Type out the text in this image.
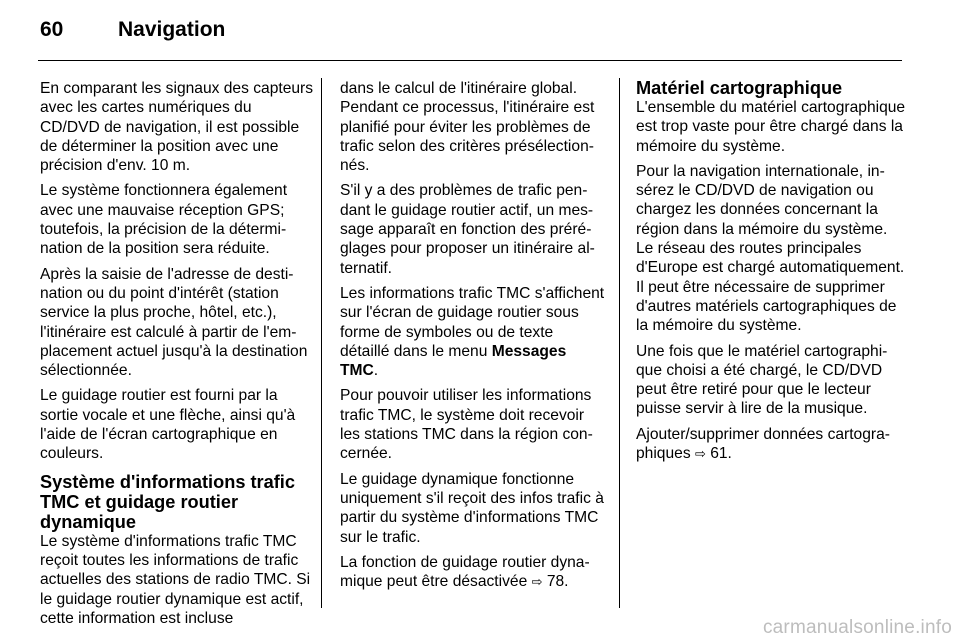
60	Navigation

En comparant les signaux des capteurs avec les cartes numériques du CD/DVD de navigation, il est possible de déterminer la position avec une précision d'env. 10 m.

Le système fonctionnera également avec une mauvaise réception GPS; toutefois, la précision de la détermination de la position sera réduite.

Après la saisie de l'adresse de destination ou du point d'intérêt (station service la plus proche, hôtel, etc.), l'itinéraire est calculé à partir de l'emplacement actuel jusqu'à la destination sélectionnée.

Le guidage routier est fourni par la sortie vocale et une flèche, ainsi qu'à l'aide de l'écran cartographique en couleurs.

Système d'informations trafic TMC et guidage routier dynamique

Le système d'informations trafic TMC reçoit toutes les informations de trafic actuelles des stations de radio TMC. Si le guidage routier dynamique est actif, cette information est incluse

dans le calcul de l'itinéraire global. Pendant ce processus, l'itinéraire est planifié pour éviter les problèmes de trafic selon des critères présélectionnés.

S'il y a des problèmes de trafic pendant le guidage routier actif, un message apparaît en fonction des préréglages pour proposer un itinéraire alternatif.

Les informations trafic TMC s'affichent sur l'écran de guidage routier sous forme de symboles ou de texte détaillé dans le menu Messages TMC.

Pour pouvoir utiliser les informations trafic TMC, le système doit recevoir les stations TMC dans la région concernée.

Le guidage dynamique fonctionne uniquement s'il reçoit des infos trafic à partir du système d'informations TMC sur le trafic.

La fonction de guidage routier dynamique peut être désactivée ⇨ 78.

Matériel cartographique

L'ensemble du matériel cartographique est trop vaste pour être chargé dans la mémoire du système.

Pour la navigation internationale, insérez le CD/DVD de navigation ou chargez les données concernant la région dans la mémoire du système. Le réseau des routes principales d'Europe est chargé automatiquement. Il peut être nécessaire de supprimer d'autres matériels cartographiques de la mémoire du système.

Une fois que le matériel cartographique choisi a été chargé, le CD/DVD peut être retiré pour que le lecteur puisse servir à lire de la musique.

Ajouter/supprimer données cartographiques ⇨ 61.

carmanualsonline.info
